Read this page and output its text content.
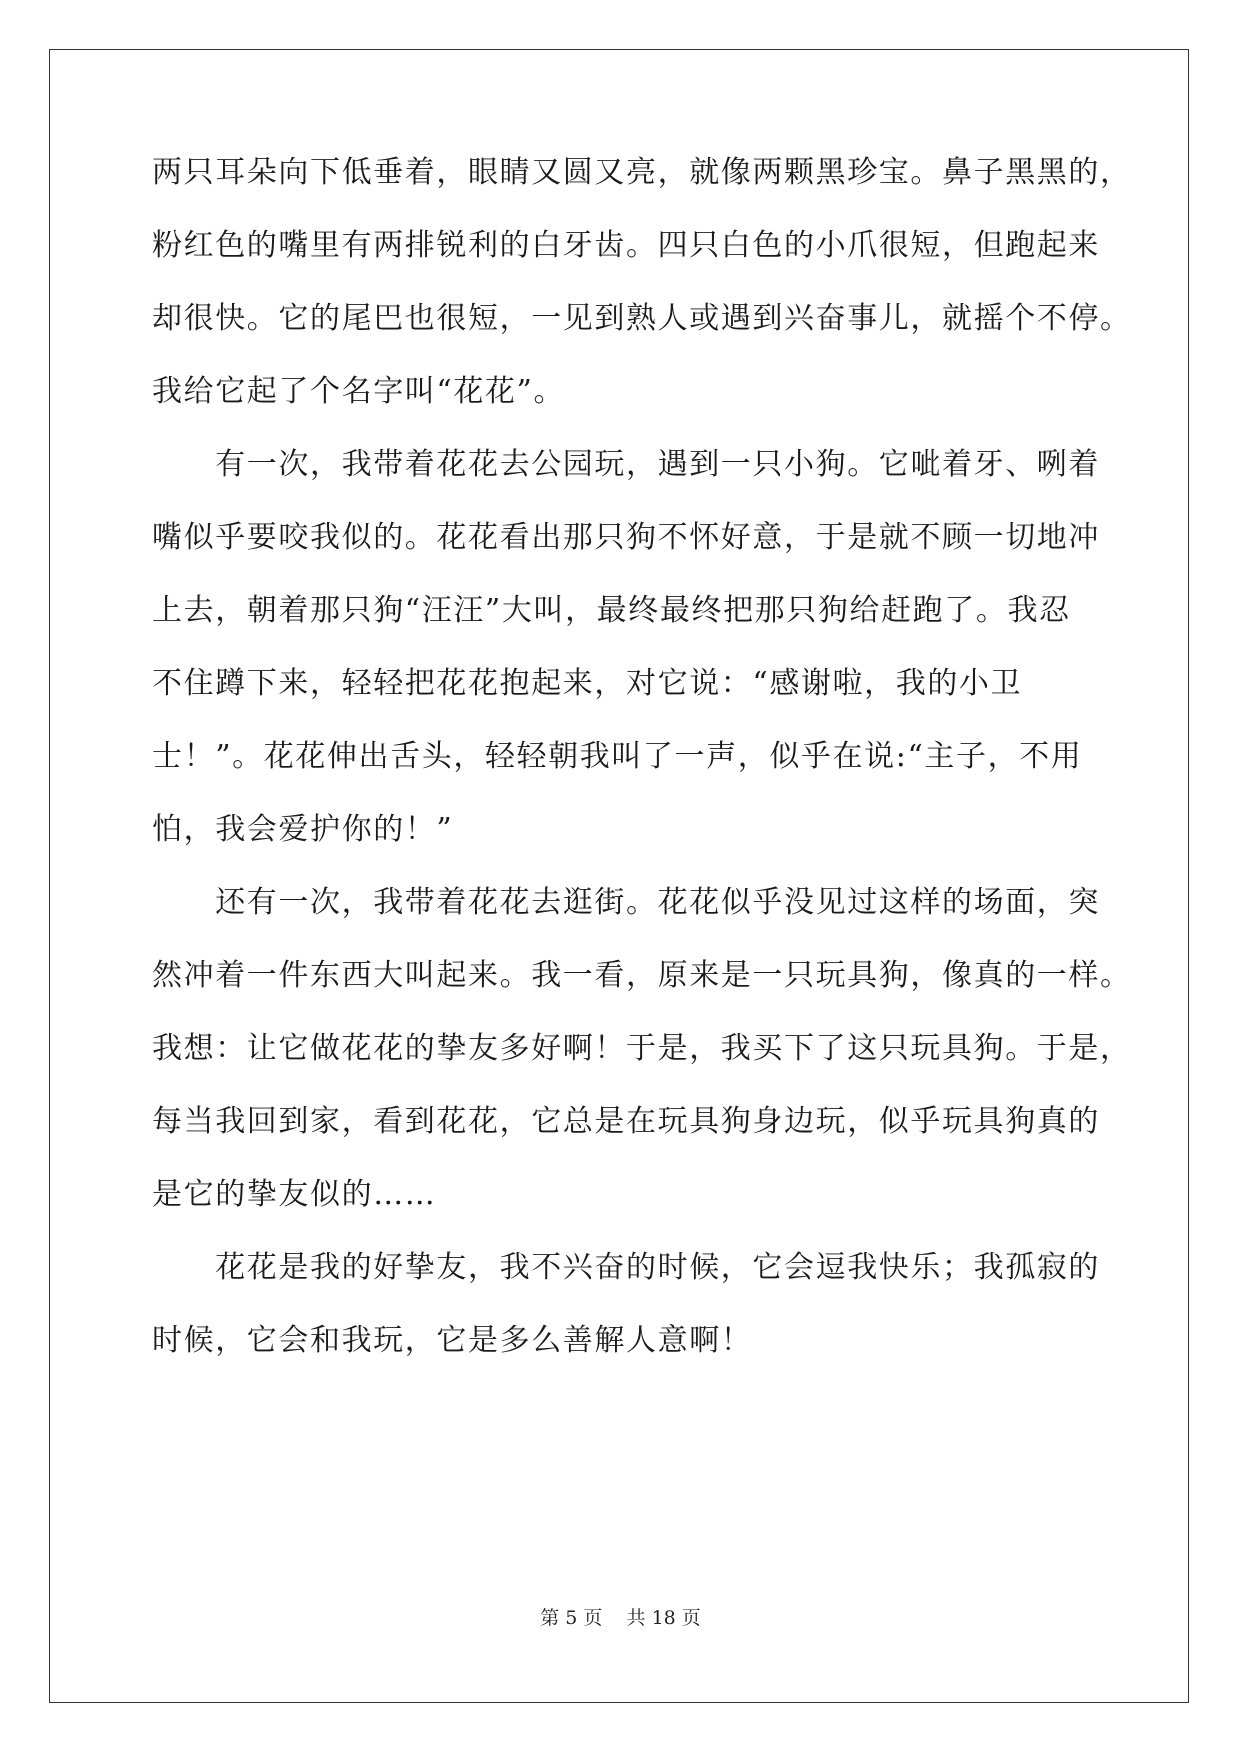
两只耳朵向下低垂着，眼睛又圆又亮，就像两颗黑珍宝。鼻子黑黑的，
粉红色的嘴里有两排锐利的白牙齿。四只白色的小爪很短，但跑起来
却很快。它的尾巴也很短，一见到熟人或遇到兴奋事儿，就摇个不停。
我给它起了个名字叫“花花”。
　　有一次，我带着花花去公园玩，遇到一只小狗。它呲着牙、咧着
嘴似乎要咬我似的。花花看出那只狗不怀好意，于是就不顾一切地冲
上去，朝着那只狗“汪汪”大叫，最终最终把那只狗给赶跑了。我忍
不住蹲下来，轻轻把花花抱起来，对它说：“感谢啦，我的小卫
士！”。花花伸出舌头，轻轻朝我叫了一声，似乎在说:“主子，不用
怕，我会爱护你的！”
　　还有一次，我带着花花去逛街。花花似乎没见过这样的场面，突
然冲着一件东西大叫起来。我一看，原来是一只玩具狗，像真的一样。
我想：让它做花花的挚友多好啊！于是，我买下了这只玩具狗。于是，
每当我回到家，看到花花，它总是在玩具狗身边玩，似乎玩具狗真的
是它的挚友似的……
　　花花是我的好挚友，我不兴奋的时候，它会逗我快乐；我孤寂的
时候，它会和我玩，它是多么善解人意啊！
第 5 页 共 18 页
